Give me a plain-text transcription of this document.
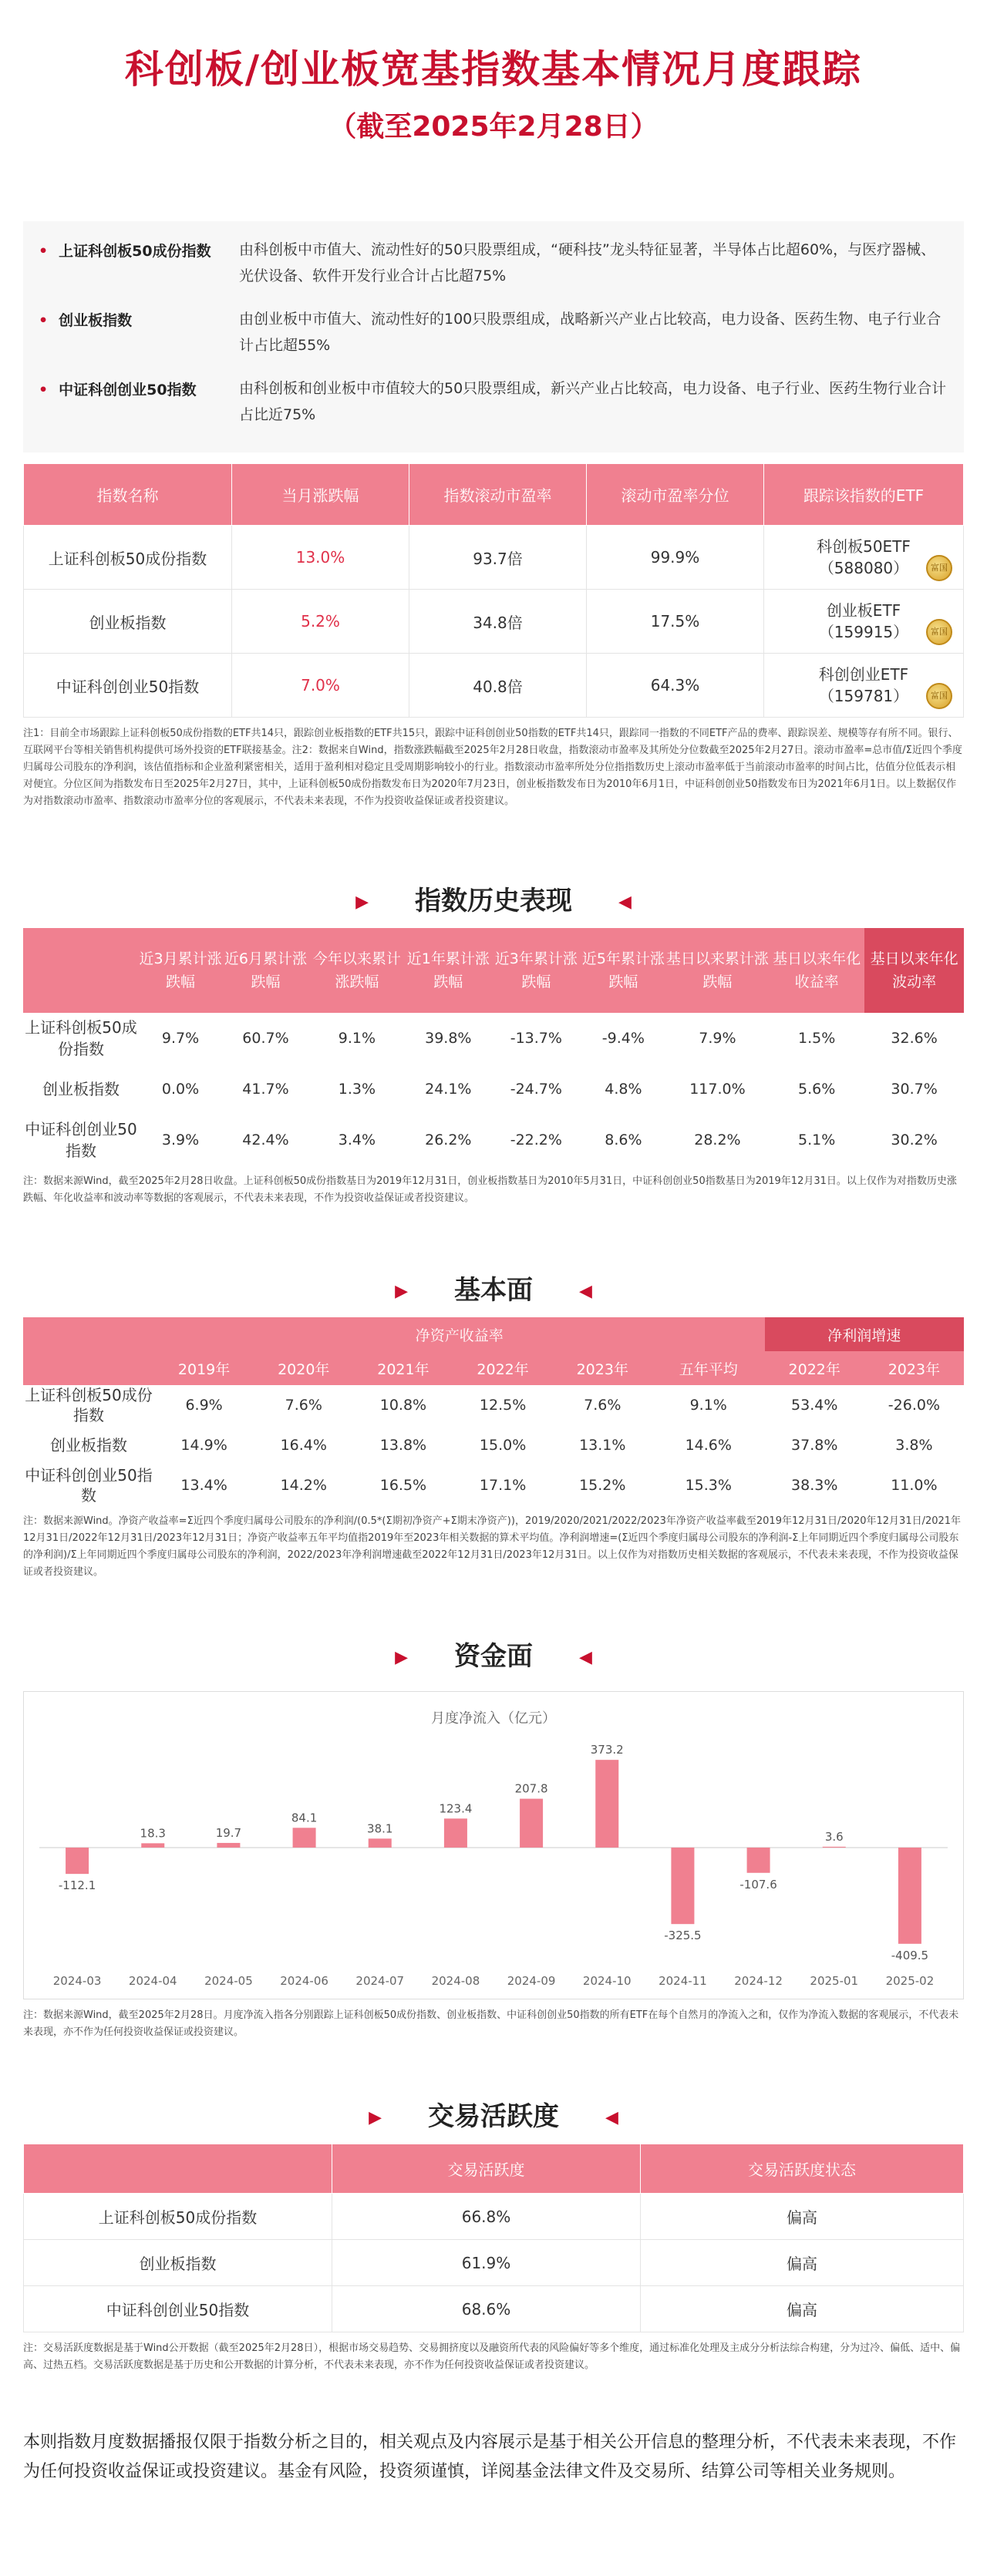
科创板/创业板宽基指数基本情况月度跟踪
（截至2025年2月28日）
• 上证科创板50成份指数	由科创板中市值大、流动性好的50只股票组成，“硬科技”龙头特征显著，半导体占比超60%，与医疗器械、光伏设备、软件开发行业合计占比超75%
• 创业板指数	由创业板中市值大、流动性好的100只股票组成，战略新兴产业占比较高，电力设备、医药生物、电子行业合计占比超55%
• 中证科创创业50指数	由科创板和创业板中市值较大的50只股票组成，新兴产业占比较高，电力设备、电子行业、医药生物行业合计占比近75%
指数名称	当月涨跌幅	指数滚动市盈率	滚动市盈率分位	跟踪该指数的ETF
上证科创板50成份指数	13.0%	93.7倍	99.9%	科创板50ETF
（588080） 富国

创业板指数	5.2%	34.8倍	17.5%	创业板ETF
（159915） 富国

中证科创创业50指数	7.0%	40.8倍	64.3%	科创创业ETF
（159781） 富国
注1：目前全市场跟踪上证科创板50成份指数的ETF共14只，跟踪创业板指数的ETF共15只，跟踪中证科创创业50指数的ETF共14只，跟踪同一指数的不同ETF产品的费率、跟踪误差、规模等存有所不同。银行、互联网平台等相关销售机构提供可场外投资的ETF联接基金。注2：数据来自Wind，指数涨跌幅截至2025年2月28日收盘，指数滚动市盈率及其所处分位数截至2025年2月27日。滚动市盈率=总市值/Σ近四个季度归属母公司股东的净利润，该估值指标和企业盈利紧密相关，适用于盈利相对稳定且受周期影响较小的行业。指数滚动市盈率所处分位指指数历史上滚动市盈率低于当前滚动市盈率的时间占比，估值分位低表示相对便宜。分位区间为指数发布日至2025年2月27日，其中，上证科创板50成份指数发布日为2020年7月23日，创业板指数发布日为2010年6月1日，中证科创创业50指数发布日为2021年6月1日。以上数据仅作为对指数滚动市盈率、指数滚动市盈率分位的客观展示，不代表未来表现，不作为投资收益保证或者投资建议。
▶ 指数历史表现	◀
	近3月累计涨跌幅	近6月累计涨跌幅	今年以来累计涨跌幅	近1年累计涨跌幅	近3年累计涨跌幅	近5年累计涨跌幅	基日以来累计涨跌幅	基日以来年化收益率	基日以来年化波动率
上证科创板50成份指数	9.7%	60.7%	9.1%	39.8%	-13.7%	-9.4%	7.9%	1.5%	32.6%
创业板指数	0.0%	41.7%	1.3%	24.1%	-24.7%	4.8%	117.0%	5.6%	30.7%
中证科创创业50指数	3.9%	42.4%	3.4%	26.2%	-22.2%	8.6%	28.2%	5.1%	30.2%
注：数据来源Wind，截至2025年2月28日收盘。上证科创板50成份指数基日为2019年12月31日，创业板指数基日为2010年5月31日，中证科创创业50指数基日为2019年12月31日。以上仅作为对指数历史涨跌幅、年化收益率和波动率等数据的客观展示，不代表未来表现，不作为投资收益保证或者投资建议。
▶ 基本面	◀
	净资产收益率						净利润增速	
	2019年	2020年	2021年	2022年	2023年	五年平均	2022年	2023年
上证科创板50成份指数	6.9%	7.6%	10.8%	12.5%	7.6%	9.1%	53.4%	-26.0%
创业板指数	14.9%	16.4%	13.8%	15.0%	13.1%	14.6%	37.8%	3.8%
中证科创创业50指数	13.4%	14.2%	16.5%	17.1%	15.2%	15.3%	38.3%	11.0%
注：数据来源Wind。净资产收益率=Σ近四个季度归属母公司股东的净利润/(0.5*(Σ期初净资产+Σ期末净资产))，2019/2020/2021/2022/2023年净资产收益率截至2019年12月31日/2020年12月31日/2021年12月31日/2022年12月31日/2023年12月31日；净资产收益率五年平均值指2019年至2023年相关数据的算术平均值。净利润增速=(Σ近四个季度归属母公司股东的净利润-Σ上年同期近四个季度归属母公司股东的净利润)/Σ上年同期近四个季度归属母公司股东的净利润，2022/2023年净利润增速截至2022年12月31日/2023年12月31日。以上仅作为对指数历史相关数据的客观展示，不代表未来表现，不作为投资收益保证或者投资建议。
▶ 资金面	◀
月度净流入（亿元）
-112.1
2024-03
18.3
2024-04
19.7
2024-05
84.1
2024-06
38.1
2024-07
123.4
2024-08
207.8
2024-09
373.2
2024-10
-325.5
2024-11
-107.6
2024-12
3.6
2025-01
-409.5
2025-02
注：数据来源Wind，截至2025年2月28日。月度净流入指各分别跟踪上证科创板50成份指数、创业板指数、中证科创创业50指数的所有ETF在每个自然月的净流入之和，仅作为净流入数据的客观展示，不代表未来表现，亦不作为任何投资收益保证或投资建议。
▶ 交易活跃度	◀
	交易活跃度	交易活跃度状态
上证科创板50成份指数	66.8%	偏高
创业板指数	61.9%	偏高
中证科创创业50指数	68.6%	偏高
注：交易活跃度数据是基于Wind公开数据（截至2025年2月28日），根据市场交易趋势、交易拥挤度以及融资所代表的风险偏好等多个维度，通过标准化处理及主成分分析法综合构建，分为过冷、偏低、适中、偏高、过热五档。交易活跃度数据是基于历史和公开数据的计算分析，不代表未来表现，亦不作为任何投资收益保证或者投资建议。
本则指数月度数据播报仅限于指数分析之目的，相关观点及内容展示是基于相关公开信息的整理分析，不代表未来表现，不作为任何投资收益保证或投资建议。基金有风险，投资须谨慎，详阅基金法律文件及交易所、结算公司等相关业务规则。
